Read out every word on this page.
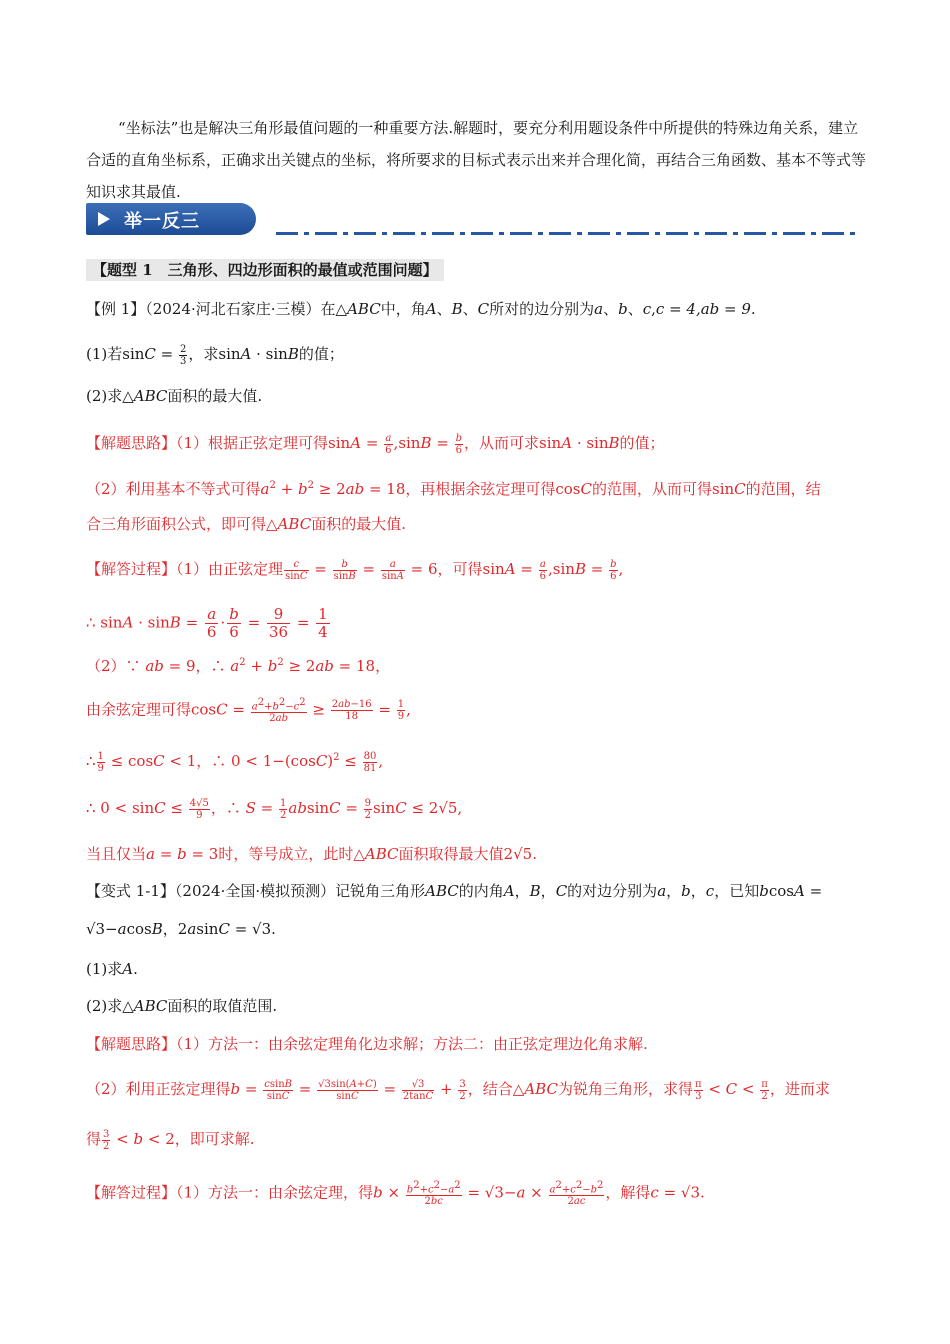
“坐标法”也是解决三角形最值问题的一种重要方法.解题时，要充分利用题设条件中所提供的特殊边角关系，建立合适的直角坐标系，正确求出关键点的坐标，将所要求的目标式表示出来并合理化简，再结合三角函数、基本不等式等知识求其最值.
举一反三
【题型 1　三角形、四边形面积的最值或范围问题】
【例 1】（2024·河北石家庄·三模）在△ABC中，角A、B、C所对的边分别为a、b、c,c = 4,ab = 9.
(1)若$\sin C = \frac{2}{3}$ ，求sinA · sinB的值；
(2)求△ABC面积的最大值.
【解题思路】（1）根据正弦定理可得$\sin A = \frac{a}{6} ,\sin B = \frac{b}{6}$ ，从而可求sinA · sinB的值；
（2）利用基本不等式可得$a^2 + b^2 \ge 2ab = 18$，再根据余弦定理可得cosC的范围，从而可得sinC的范围，结
合三角形面积公式，即可得△ABC面积的最大值.
【解答过程】（1）由正弦定理 $\frac{c}{\sin C} = \frac{b}{\sin B} = \frac{a}{\sin A} = 6$，可得$\sin A = \frac{a}{6} ,\sin B = \frac{b}{6}$ ,
∴ $\sin A \cdot \sin B = \frac{a}{6} \cdot \frac{b}{6} = \frac{9}{36} = \frac{1}{4}$
（2）∵ ab = 9，∴ $a^2 + b^2 \ge 2ab = 18$，
由余弦定理可得$\cos C = \frac{a^2+b^2-c^2}{2ab} \ge \frac{2ab-16}{18} = \frac{1}{9}$ ,
∴ $\frac{1}{9} \le \cos C < 1$，∴ $0 < 1-(\cos C)^2 \le \frac{80}{81}$ ,
∴ $0 < \sin C \le \frac{4√5}{9}$ ，∴ $S = \frac{1}{2}$ $absinC = \frac{9}{2}$ sinC ≤ 2√5,
当且仅当a = b = 3时，等号成立，此时△ABC面积取得最大值2√5.
【变式 1-1】（2024·全国·模拟预测）记锐角三角形ABC的内角A，B，C的对边分别为a，b，c，已知bcosA =
√3−acosB，2asinC = √3.
(1)求A.
(2)求△ABC面积的取值范围.
【解题思路】（1）方法一：由余弦定理角化边求解；方法二：由正弦定理边化角求解.
（2）利用正弦定理得$b = \frac{csinB}{\sin C} = \frac{√3\sin(A+C)}{\sin C} = \frac{√3}{2\tan C} + \frac{3}{2}$ ，结合△ABC为锐角三角形，求得 $\frac{\pi}{3} < C < \frac{\pi}{2}$ ，进而求
得 $\frac{3}{2} < b < 2$，即可求解.
【解答过程】（1）方法一：由余弦定理，得$b \times \frac{b^2+c^2-a^2}{2bc} = √3-a \times \frac{a^2+c^2-b^2}{2ac}$ ，解得c = √3.
